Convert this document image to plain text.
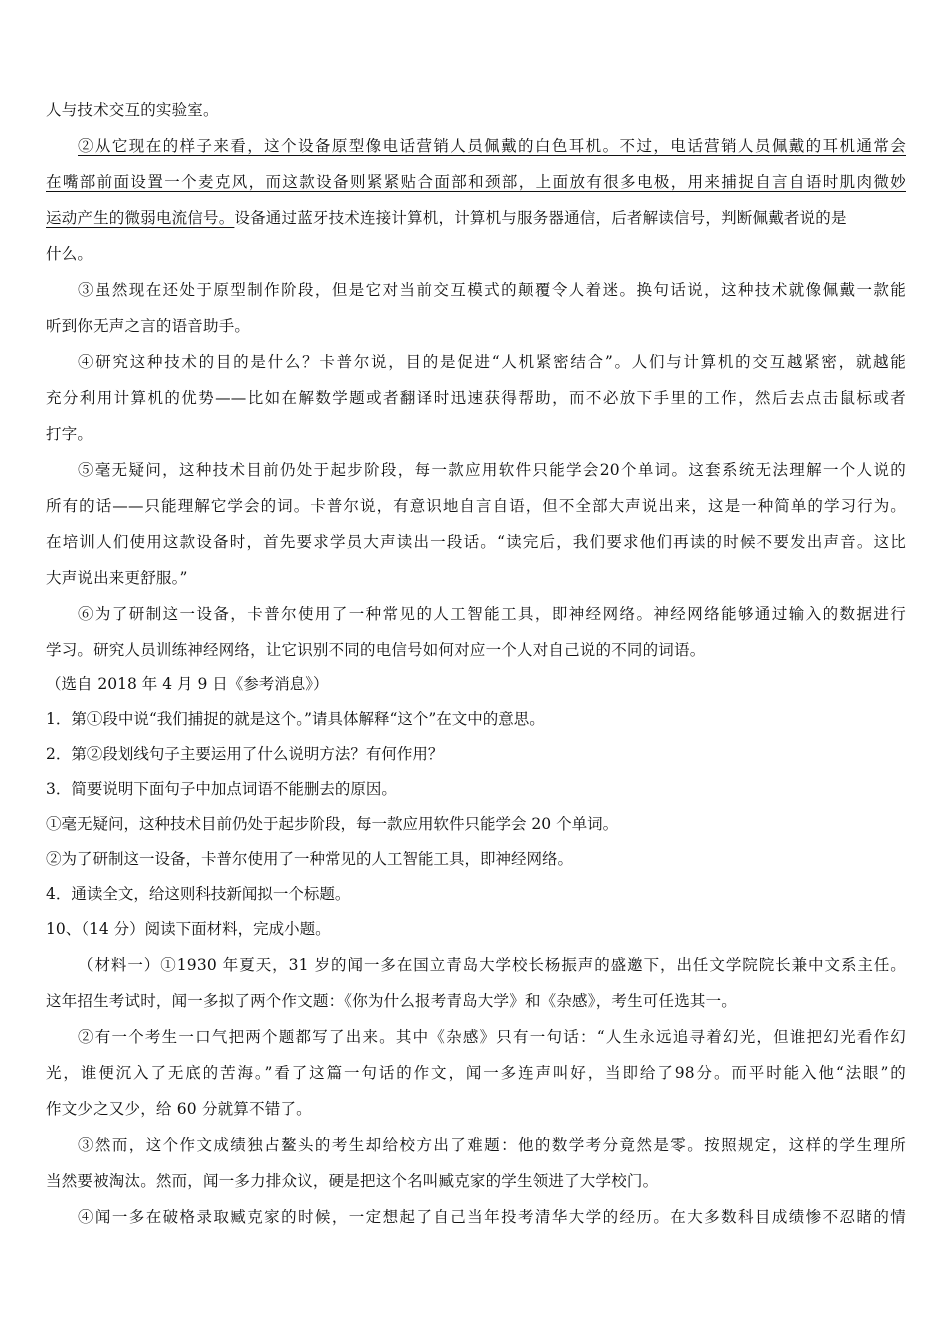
人与技术交互的实验室。
②从它现在的样子来看，这个设备原型像电话营销人员佩戴的白色耳机。不过，电话营销人员佩戴的耳机通常会
在嘴部前面设置一个麦克风，而这款设备则紧紧贴合面部和颈部，上面放有很多电极，用来捕捉自言自语时肌肉微妙
运动产生的微弱电流信号。设备通过蓝牙技术连接计算机，计算机与服务器通信，后者解读信号，判断佩戴者说的是
什么。
③虽然现在还处于原型制作阶段，但是它对当前交互模式的颠覆令人着迷。换句话说，这种技术就像佩戴一款能
听到你无声之言的语音助手。
④研究这种技术的目的是什么？卡普尔说，目的是促进“人机紧密结合”。人们与计算机的交互越紧密，就越能
充分利用计算机的优势——比如在解数学题或者翻译时迅速获得帮助，而不必放下手里的工作，然后去点击鼠标或者
打字。
⑤毫无疑问，这种技术目前仍处于起步阶段，每一款应用软件只能学会20个单词。这套系统无法理解一个人说的
所有的话——只能理解它学会的词。卡普尔说，有意识地自言自语，但不全部大声说出来，这是一种简单的学习行为。
在培训人们使用这款设备时，首先要求学员大声读出一段话。“读完后，我们要求他们再读的时候不要发出声音。这比
大声说出来更舒服。”
⑥为了研制这一设备，卡普尔使用了一种常见的人工智能工具，即神经网络。神经网络能够通过输入的数据进行
学习。研究人员训练神经网络，让它识别不同的电信号如何对应一个人对自己说的不同的词语。
（选自 2018 年 4 月 9 日《参考消息》）
1．第①段中说“我们捕捉的就是这个。”请具体解释“这个”在文中的意思。
2．第②段划线句子主要运用了什么说明方法？有何作用？
3．简要说明下面句子中加点词语不能删去的原因。
①毫无疑问，这种技术目前仍处于起步阶段，每一款应用软件只能学会 20 个单词。
②为了研制这一设备，卡普尔使用了一种常见的人工智能工具，即神经网络。
4．通读全文，给这则科技新闻拟一个标题。
10、（14 分）阅读下面材料，完成小题。
（材料一）①1930 年夏天，31 岁的闻一多在国立青岛大学校长杨振声的盛邀下，出任文学院院长兼中文系主任。
这年招生考试时，闻一多拟了两个作文题：《你为什么报考青岛大学》和《杂感》，考生可任选其一。
②有一个考生一口气把两个题都写了出来。其中《杂感》只有一句话：“人生永远追寻着幻光，但谁把幻光看作幻
光，谁便沉入了无底的苦海。”看了这篇一句话的作文，闻一多连声叫好，当即给了98分。而平时能入他“法眼”的
作文少之又少，给 60 分就算不错了。
③然而，这个作文成绩独占鳌头的考生却给校方出了难题：他的数学考分竟然是零。按照规定，这样的学生理所
当然要被淘汰。然而，闻一多力排众议，硬是把这个名叫臧克家的学生领进了大学校门。
④闻一多在破格录取臧克家的时候，一定想起了自己当年投考清华大学的经历。在大多数科目成绩惨不忍睹的情
